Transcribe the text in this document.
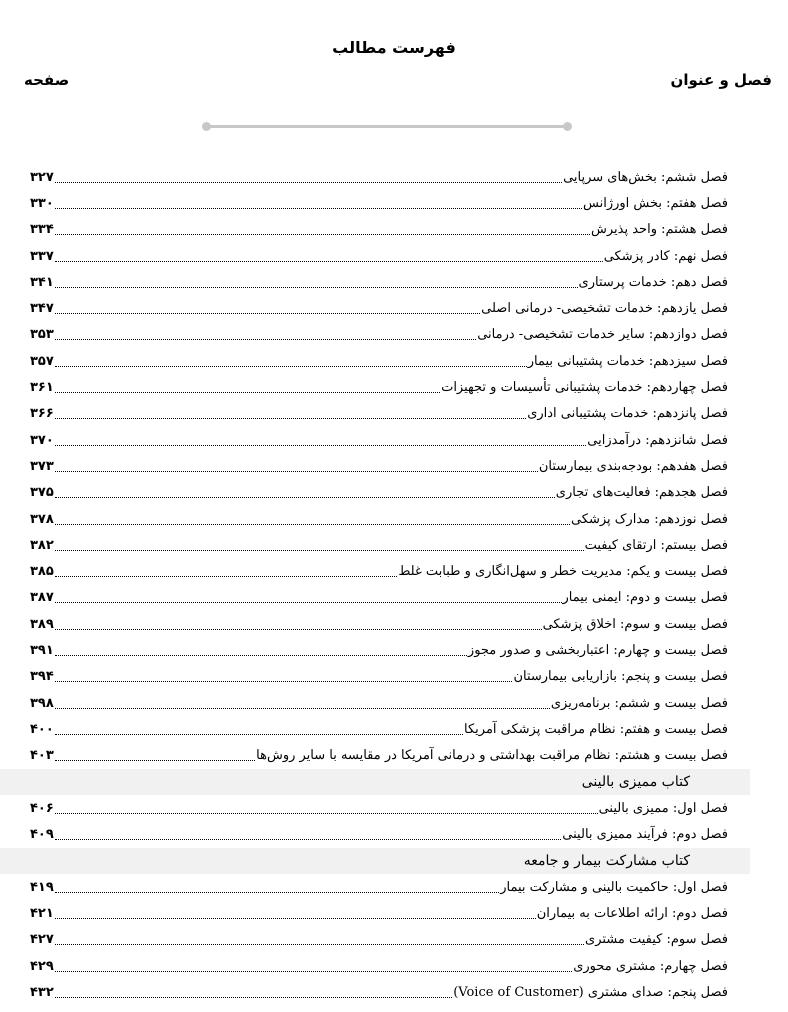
فهرست مطالب
فصل و عنوان
صفحه
فصل ششم: بخش‌های سرپایی
۳۲۷
فصل هفتم: بخش اورژانس
۳۳۰
فصل هشتم: واحد پذیرش
۳۳۴
فصل نهم: کادر پزشکی
۳۳۷
فصل دهم: خدمات پرستاری
۳۴۱
فصل یازدهم: خدمات تشخیصی- درمانی اصلی
۳۴۷
فصل دوازدهم: سایر خدمات تشخیصی- درمانی
۳۵۳
فصل سیزدهم: خدمات پشتیبانی بیمار
۳۵۷
فصل چهاردهم: خدمات پشتیبانی تأسیسات و تجهیزات
۳۶۱
فصل پانزدهم: خدمات پشتیبانی اداری
۳۶۶
فصل شانزدهم: درآمدزایی
۳۷۰
فصل هفدهم: بودجه‌بندی بیمارستان
۳۷۳
فصل هجدهم: فعالیت‌های تجاری
۳۷۵
فصل نوزدهم: مدارک پزشکی
۳۷۸
فصل بیستم: ارتقای کیفیت
۳۸۲
فصل بیست و یکم: مدیریت خطر و سهل‌انگاری و طبابت غلط
۳۸۵
فصل بیست و دوم: ایمنی بیمار
۳۸۷
فصل بیست و سوم: اخلاق پزشکی
۳۸۹
فصل بیست و چهارم: اعتباربخشی و صدور مجوز
۳۹۱
فصل بیست و پنجم: بازاریابی بیمارستان
۳۹۴
فصل بیست و ششم: برنامه‌ریزی
۳۹۸
فصل بیست و هفتم: نظام مراقبت پزشکی آمریکا
۴۰۰
فصل بیست و هشتم: نظام مراقبت بهداشتی و درمانی آمریکا در مقایسه با سایر روش‌ها
۴۰۳
کتاب ممیزی بالینی
فصل اول: ممیزی بالینی
۴۰۶
فصل دوم: فرآیند ممیزی بالینی
۴۰۹
کتاب مشارکت بیمار و جامعه
فصل اول: حاکمیت بالینی و مشارکت بیمار
۴۱۹
فصل دوم: ارائه اطلاعات به بیماران
۴۲۱
فصل سوم: کیفیت مشتری
۴۲۷
فصل چهارم: مشتری محوری
۴۲۹
فصل پنجم: صدای مشتری (Voice of Customer)
۴۳۲
